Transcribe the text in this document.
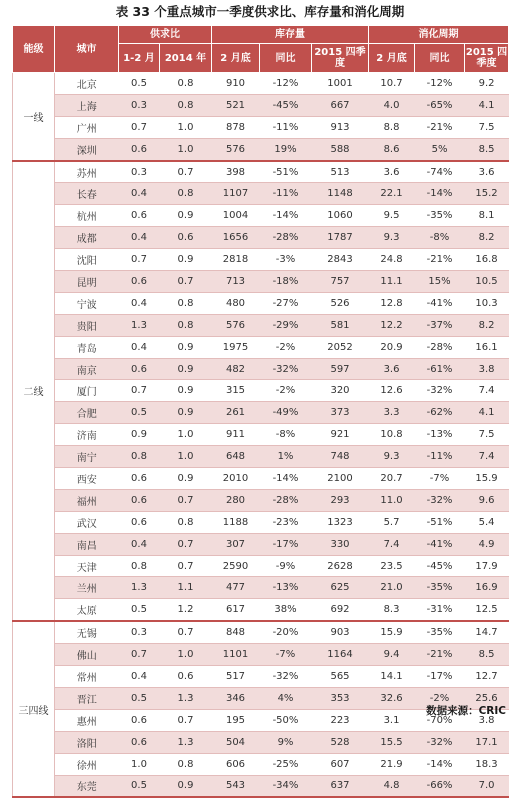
表 33 个重点城市一季度供求比、库存量和消化周期
能级	城市	供求比		库存量			消化周期		
		1-2 月	2014 年	2 月底	同比	2015 四季度	2 月底	同比	2015 四季度
一线	北京	0.5	0.8	910	-12%	1001	10.7	-12%	9.2
	上海	0.3	0.8	521	-45%	667	4.0	-65%	4.1
	广州	0.7	1.0	878	-11%	913	8.8	-21%	7.5
	深圳	0.6	1.0	576	19%	588	8.6	5%	8.5
二线	苏州	0.3	0.7	398	-51%	513	3.6	-74%	3.6
	长春	0.4	0.8	1107	-11%	1148	22.1	-14%	15.2
	杭州	0.6	0.9	1004	-14%	1060	9.5	-35%	8.1
	成都	0.4	0.6	1656	-28%	1787	9.3	-8%	8.2
	沈阳	0.7	0.9	2818	-3%	2843	24.8	-21%	16.8
	昆明	0.6	0.7	713	-18%	757	11.1	15%	10.5
	宁波	0.4	0.8	480	-27%	526	12.8	-41%	10.3
	贵阳	1.3	0.8	576	-29%	581	12.2	-37%	8.2
	青岛	0.4	0.9	1975	-2%	2052	20.9	-28%	16.1
	南京	0.6	0.9	482	-32%	597	3.6	-61%	3.8
	厦门	0.7	0.9	315	-2%	320	12.6	-32%	7.4
	合肥	0.5	0.9	261	-49%	373	3.3	-62%	4.1
	济南	0.9	1.0	911	-8%	921	10.8	-13%	7.5
	南宁	0.8	1.0	648	1%	748	9.3	-11%	7.4
	西安	0.6	0.9	2010	-14%	2100	20.7	-7%	15.9
	福州	0.6	0.7	280	-28%	293	11.0	-32%	9.6
	武汉	0.6	0.8	1188	-23%	1323	5.7	-51%	5.4
	南昌	0.4	0.7	307	-17%	330	7.4	-41%	4.9
	天津	0.8	0.7	2590	-9%	2628	23.5	-45%	17.9
	兰州	1.3	1.1	477	-13%	625	21.0	-35%	16.9
	太原	0.5	1.2	617	38%	692	8.3	-31%	12.5
三四线	无锡	0.3	0.7	848	-20%	903	15.9	-35%	14.7
	佛山	0.7	1.0	1101	-7%	1164	9.4	-21%	8.5
	常州	0.4	0.6	517	-32%	565	14.1	-17%	12.7
	晋江	0.5	1.3	346	4%	353	32.6	-2%	25.6
	惠州	0.6	0.7	195	-50%	223	3.1	-70%	3.8
	洛阳	0.6	1.3	504	9%	528	15.5	-32%	17.1
	徐州	1.0	0.8	606	-25%	607	21.9	-14%	18.3
	东莞	0.5	0.9	543	-34%	637	4.8	-66%	7.0
数据来源：CRIC
